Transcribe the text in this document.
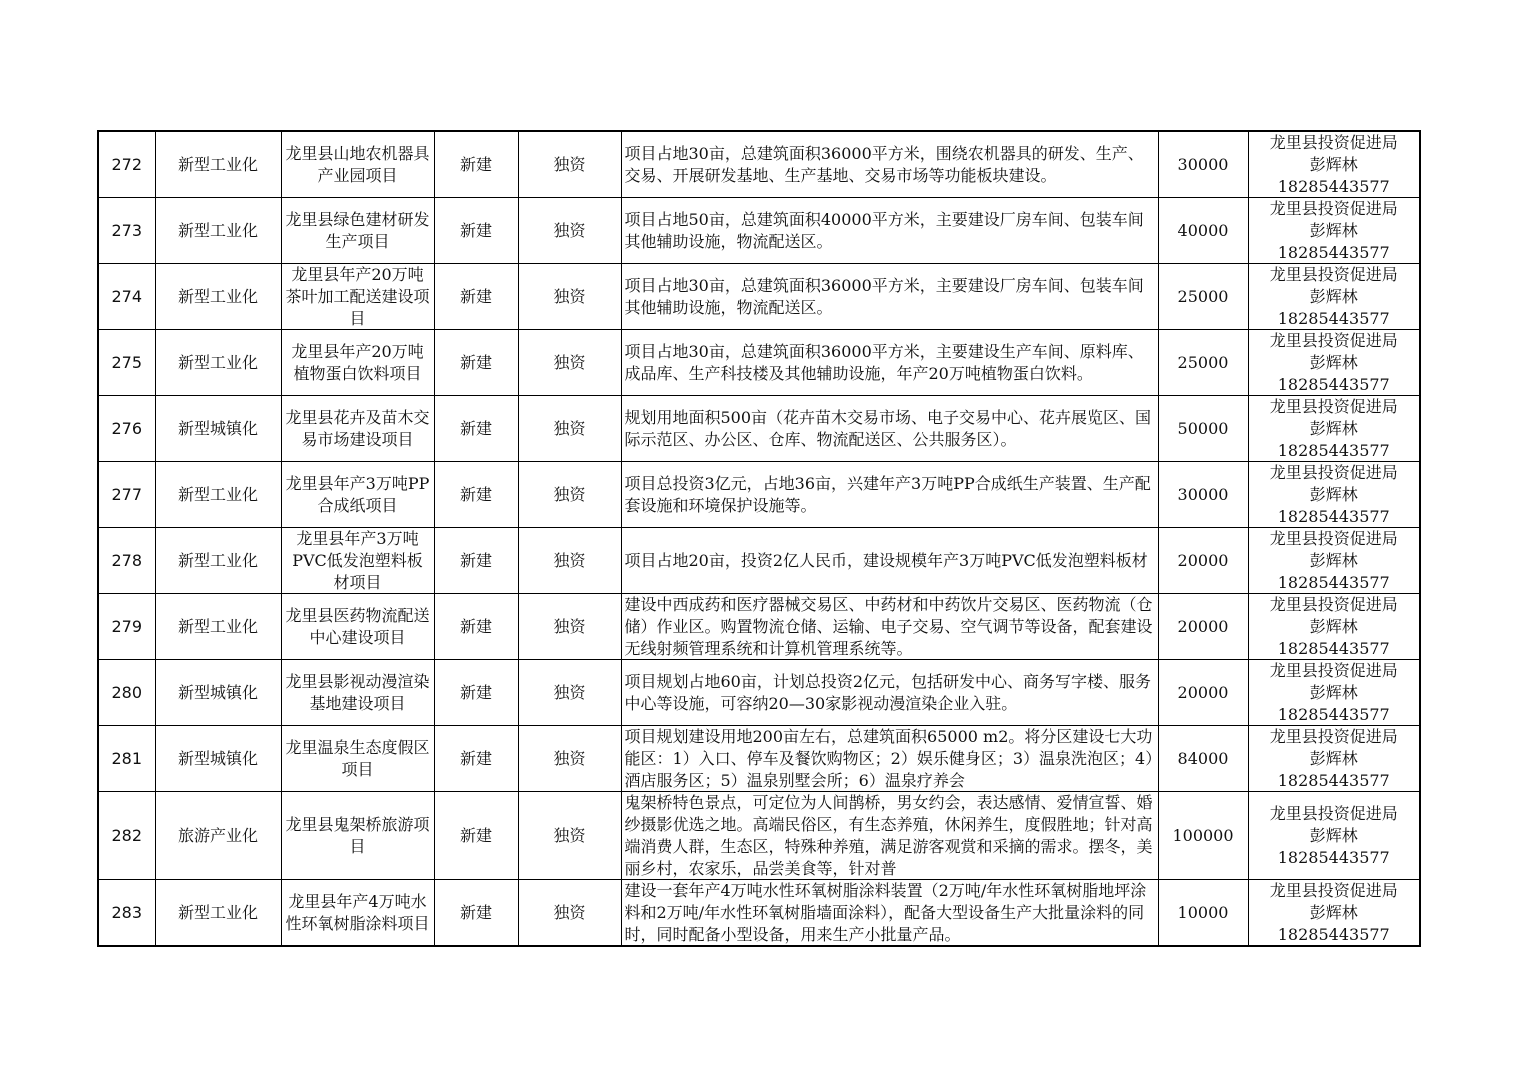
272	新型工业化	龙里县山地农机器具产业园项目	新建	独资	项目占地30亩，总建筑面积36000平方米，围绕农机器具的研发、生产、交易、开展研发基地、生产基地、交易市场等功能板块建设。	30000	龙里县投资促进局
彭辉林
18285443577

273	新型工业化	龙里县绿色建材研发生产项目	新建	独资	项目占地50亩，总建筑面积40000平方米，主要建设厂房车间、包装车间其他辅助设施，物流配送区。	40000	龙里县投资促进局
彭辉林
18285443577

274	新型工业化	龙里县年产20万吨茶叶加工配送建设项目	新建	独资	项目占地30亩，总建筑面积36000平方米，主要建设厂房车间、包装车间其他辅助设施，物流配送区。	25000	龙里县投资促进局
彭辉林
18285443577

275	新型工业化	龙里县年产20万吨植物蛋白饮料项目	新建	独资	项目占地30亩，总建筑面积36000平方米，主要建设生产车间、原料库、成品库、生产科技楼及其他辅助设施，年产20万吨植物蛋白饮料。	25000	龙里县投资促进局
彭辉林
18285443577

276	新型城镇化	龙里县花卉及苗木交易市场建设项目	新建	独资	规划用地面积500亩（花卉苗木交易市场、电子交易中心、花卉展览区、国际示范区、办公区、仓库、物流配送区、公共服务区）。	50000	龙里县投资促进局
彭辉林
18285443577

277	新型工业化	龙里县年产3万吨PP合成纸项目	新建	独资	项目总投资3亿元，占地36亩，兴建年产3万吨PP合成纸生产装置、生产配套设施和环境保护设施等。	30000	龙里县投资促进局
彭辉林
18285443577

278	新型工业化	龙里县年产3万吨PVC低发泡塑料板材项目	新建	独资	项目占地20亩，投资2亿人民币，建设规模年产3万吨PVC低发泡塑料板材	20000	龙里县投资促进局
彭辉林
18285443577

279	新型工业化	龙里县医药物流配送中心建设项目	新建	独资	建设中西成药和医疗器械交易区、中药材和中药饮片交易区、医药物流（仓储）作业区。购置物流仓储、运输、电子交易、空气调节等设备，配套建设无线射频管理系统和计算机管理系统等。	20000	龙里县投资促进局
彭辉林
18285443577

280	新型城镇化	龙里县影视动漫渲染基地建设项目	新建	独资	项目规划占地60亩，计划总投资2亿元，包括研发中心、商务写字楼、服务中心等设施，可容纳20—30家影视动漫渲染企业入驻。	20000	龙里县投资促进局
彭辉林
18285443577

281	新型城镇化	龙里温泉生态度假区项目	新建	独资	项目规划建设用地200亩左右，总建筑面积65000 m2。将分区建设七大功能区：1）入口、停车及餐饮购物区；2）娱乐健身区；3）温泉洗泡区；4）酒店服务区；5）温泉别墅会所；6）温泉疗养会	84000	龙里县投资促进局
彭辉林
18285443577

282	旅游产业化	龙里县鬼架桥旅游项目	新建	独资	鬼架桥特色景点，可定位为人间鹊桥，男女约会，表达感情、爱情宣誓、婚纱摄影优选之地。高端民俗区，有生态养殖，休闲养生，度假胜地；针对高端消费人群，生态区，特殊种养殖，满足游客观赏和采摘的需求。摆冬，美丽乡村，农家乐，品尝美食等，针对普	100000	龙里县投资促进局
彭辉林
18285443577

283	新型工业化	龙里县年产4万吨水性环氧树脂涂料项目	新建	独资	建设一套年产4万吨水性环氧树脂涂料装置（2万吨/年水性环氧树脂地坪涂料和2万吨/年水性环氧树脂墙面涂料），配备大型设备生产大批量涂料的同时，同时配备小型设备，用来生产小批量产品。	10000	龙里县投资促进局
彭辉林
18285443577
